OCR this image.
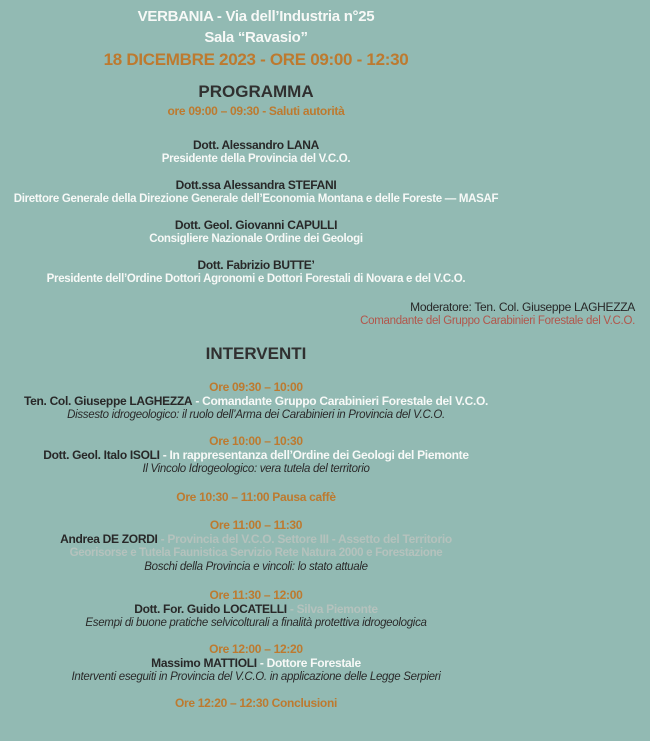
VERBANIA - Via dell’Industria n°25
Sala “Ravasio”
18 DICEMBRE 2023 - ORE 09:00 - 12:30
PROGRAMMA
ore 09:00 – 09:30 - Saluti autorità
Dott. Alessandro LANA
Presidente della Provincia del V.C.O.
Dott.ssa Alessandra STEFANI
Direttore Generale della Direzione Generale dell’Economia Montana e delle Foreste — MASAF
Dott. Geol. Giovanni CAPULLI
Consigliere Nazionale Ordine dei Geologi
Dott. Fabrizio BUTTE’
Presidente dell’Ordine Dottori Agronomi e Dottori Forestali di Novara e del V.C.O.
Moderatore: Ten. Col. Giuseppe LAGHEZZA
Comandante del Gruppo Carabinieri Forestale del V.C.O.
INTERVENTI
Ore 09:30 – 10:00
Ten. Col. Giuseppe LAGHEZZA - Comandante Gruppo Carabinieri Forestale del V.C.O.
Dissesto idrogeologico: il ruolo dell’Arma dei Carabinieri in Provincia del V.C.O.
Ore 10:00 – 10:30
Dott. Geol. Italo ISOLI - In rappresentanza dell’Ordine dei Geologi del Piemonte
Il Vincolo Idrogeologico: vera tutela del territorio
Ore 10:30 – 11:00 Pausa caffè
Ore 11:00 – 11:30
Andrea DE ZORDI - Provincia del V.C.O. Settore III - Assetto del Territorio
Georisorse e Tutela Faunistica Servizio Rete Natura 2000 e Forestazione
Boschi della Provincia e vincoli: lo stato attuale
Ore 11:30 – 12:00
Dott. For. Guido LOCATELLI - Silva Piemonte
Esempi di buone pratiche selvicolturali a finalità protettiva idrogeologica
Ore 12:00 – 12:20
Massimo MATTIOLI - Dottore Forestale
Interventi eseguiti in Provincia del V.C.O. in applicazione delle Legge Serpieri
Ore 12:20 – 12:30 Conclusioni
